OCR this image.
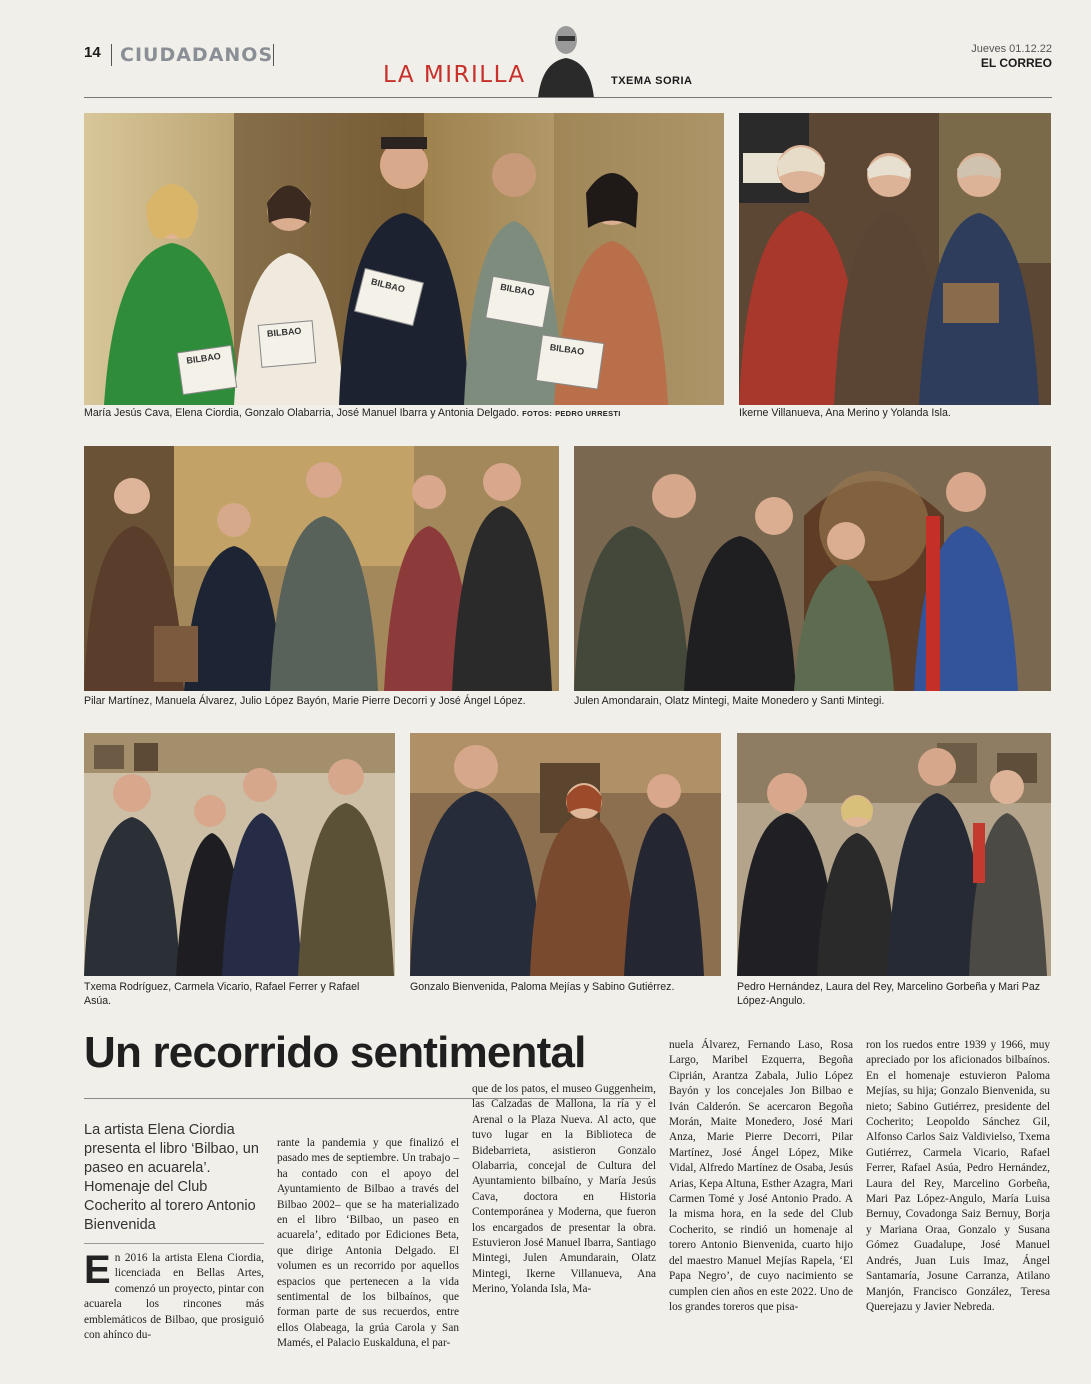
14 CIUDADANOS
LA MIRILLA	TXEMA SORIA
Jueves 01.12.22
EL CORREO
BILBAO
BILBAO
BILBAO	BILBAO
BILBAO
María Jesús Cava, Elena Ciordia, Gonzalo Olabarria, José Manuel Ibarra y Antonia Delgado. FOTOS: PEDRO URRESTI	Ikerne Villanueva, Ana Merino y Yolanda Isla.
Pilar Martínez, Manuela Álvarez, Julio López Bayón, Marie Pierre Decorri y José Ángel López.	Julen Amondarain, Olatz Mintegi, Maite Monedero y Santi Mintegi.
Txema Rodríguez, Carmela Vicario, Rafael Ferrer y Rafael Asúa.
Gonzalo Bienvenida, Paloma Mejías y Sabino Gutiérrez.	Pedro Hernández, Laura del Rey, Marcelino Gorbeña y Mari Paz López-Angulo.
Un recorrido sentimental
La artista Elena Ciordia presenta el libro ‘Bilbao, un paseo en acuarela’. Homenaje del Club Cocherito al torero Antonio Bienvenida
E n 2016 la artista Elena Ciordia, licenciada en Bellas Artes, comenzó un proyecto, pintar con acuarela los rincones más emblemáticos de Bilbao, que prosiguió con ahínco du-
rante la pandemia y que finalizó el pasado mes de septiembre. Un trabajo –ha contado con el apoyo del Ayuntamiento de Bilbao a través del Bilbao 2002– que se ha materializado en el libro ‘Bilbao, un paseo en acuarela’, editado por Ediciones Beta, que dirige Antonia Delgado. El volumen es un recorrido por aquellos espacios que pertenecen a la vida sentimental de los bilbaínos, que forman parte de sus recuerdos, entre ellos Olabeaga, la grúa Carola y San Mamés, el Palacio Euskalduna, el par-
que de los patos, el museo Guggenheim, las Calzadas de Mallona, la ría y el Arenal o la Plaza Nueva. Al acto, que tuvo lugar en la Biblioteca de Bidebarrieta, asistieron Gonzalo Olabarria, concejal de Cultura del Ayuntamiento bilbaíno, y María Jesús Cava, doctora en Historia Contemporánea y Moderna, que fueron los encargados de presentar la obra. Estuvieron José Manuel Ibarra, Santiago Mintegi, Julen Amundarain, Olatz Mintegi, Ikerne Villanueva, Ana Merino, Yolanda Isla, Ma-
nuela Álvarez, Fernando Laso, Rosa Largo, Maribel Ezquerra, Begoña Ciprián, Arantza Zabala, Julio López Bayón y los concejales Jon Bilbao e Iván Calderón. Se acercaron Begoña Morán, Maite Monedero, José Mari Anza, Marie Pierre Decorri, Pilar Martínez, José Ángel López, Mike Vidal, Alfredo Martínez de Osaba, Jesús Arias, Kepa Altuna, Esther Azagra, Mari Carmen Tomé y José Antonio Prado. A la misma hora, en la sede del Club Cocherito, se rindió un homenaje al torero Antonio Bienvenida, cuarto hijo del maestro Manuel Mejías Rapela, ‘El Papa Negro’, de cuyo nacimiento se cumplen cien años en este 2022. Uno de los grandes toreros que pisa-
ron los ruedos entre 1939 y 1966, muy apreciado por los aficionados bilbaínos. En el homenaje estuvieron Paloma Mejías, su hija; Gonzalo Bienvenida, su nieto; Sabino Gutiérrez, presidente del Cocherito; Leopoldo Sánchez Gil, Alfonso Carlos Saiz Valdivielso, Txema Gutiérrez, Carmela Vicario, Rafael Ferrer, Rafael Asúa, Pedro Hernández, Laura del Rey, Marcelino Gorbeña, Mari Paz López-Angulo, María Luisa Bernuy, Covadonga Saiz Bernuy, Borja y Mariana Oraa, Gonzalo y Susana Gómez Guadalupe, José Manuel Andrés, Juan Luis Imaz, Ángel Santamaría, Josune Carranza, Atilano Manjón, Francisco González, Teresa Querejazu y Javier Nebreda.
